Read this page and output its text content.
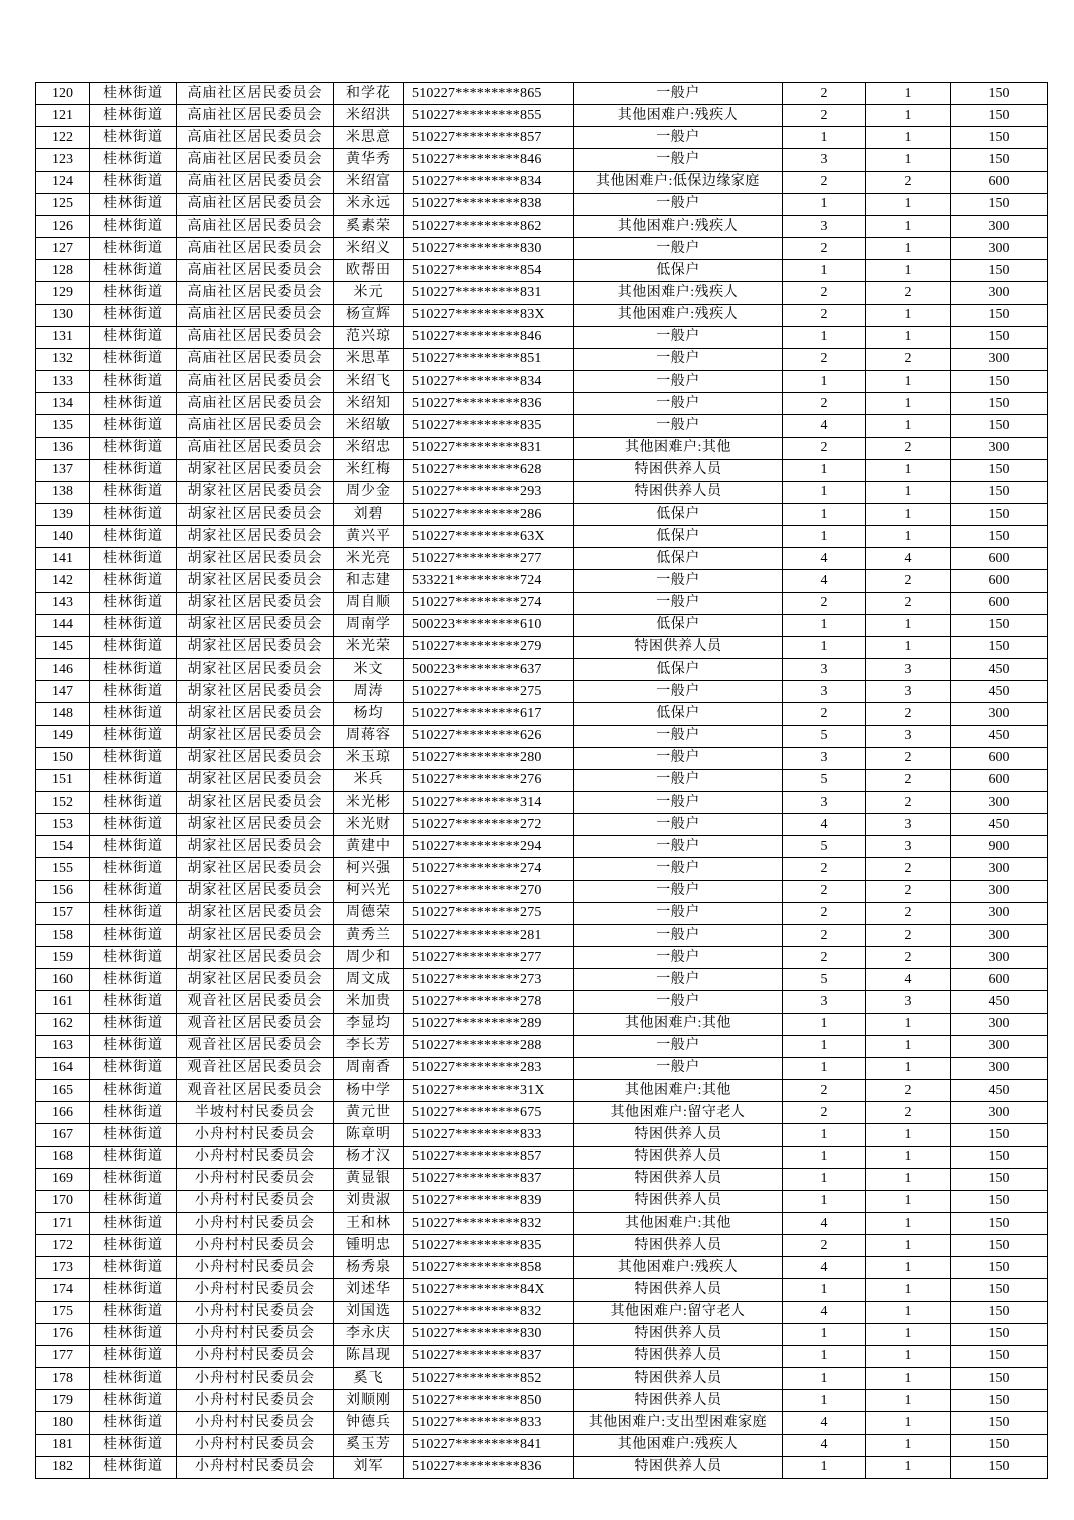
120	桂林街道	高庙社区居民委员会	和学花	510227*********865	一般户	2	1	150
121	桂林街道	高庙社区居民委员会	米绍洪	510227*********855	其他困难户:残疾人	2	1	150
122	桂林街道	高庙社区居民委员会	米思意	510227*********857	一般户	1	1	150
123	桂林街道	高庙社区居民委员会	黄华秀	510227*********846	一般户	3	1	150
124	桂林街道	高庙社区居民委员会	米绍富	510227*********834	其他困难户:低保边缘家庭	2	2	600
125	桂林街道	高庙社区居民委员会	米永远	510227*********838	一般户	1	1	150
126	桂林街道	高庙社区居民委员会	奚素荣	510227*********862	其他困难户:残疾人	3	1	300
127	桂林街道	高庙社区居民委员会	米绍义	510227*********830	一般户	2	1	300
128	桂林街道	高庙社区居民委员会	欧帮田	510227*********854	低保户	1	1	150
129	桂林街道	高庙社区居民委员会	米元	510227*********831	其他困难户:残疾人	2	2	300
130	桂林街道	高庙社区居民委员会	杨宣辉	510227*********83X	其他困难户:残疾人	2	1	150
131	桂林街道	高庙社区居民委员会	范兴琼	510227*********846	一般户	1	1	150
132	桂林街道	高庙社区居民委员会	米思革	510227*********851	一般户	2	2	300
133	桂林街道	高庙社区居民委员会	米绍飞	510227*********834	一般户	1	1	150
134	桂林街道	高庙社区居民委员会	米绍知	510227*********836	一般户	2	1	150
135	桂林街道	高庙社区居民委员会	米绍敏	510227*********835	一般户	4	1	150
136	桂林街道	高庙社区居民委员会	米绍忠	510227*********831	其他困难户:其他	2	2	300
137	桂林街道	胡家社区居民委员会	米红梅	510227*********628	特困供养人员	1	1	150
138	桂林街道	胡家社区居民委员会	周少金	510227*********293	特困供养人员	1	1	150
139	桂林街道	胡家社区居民委员会	刘碧	510227*********286	低保户	1	1	150
140	桂林街道	胡家社区居民委员会	黄兴平	510227*********63X	低保户	1	1	150
141	桂林街道	胡家社区居民委员会	米光亮	510227*********277	低保户	4	4	600
142	桂林街道	胡家社区居民委员会	和志建	533221*********724	一般户	4	2	600
143	桂林街道	胡家社区居民委员会	周自顺	510227*********274	一般户	2	2	600
144	桂林街道	胡家社区居民委员会	周南学	500223*********610	低保户	1	1	150
145	桂林街道	胡家社区居民委员会	米光荣	510227*********279	特困供养人员	1	1	150
146	桂林街道	胡家社区居民委员会	米文	500223*********637	低保户	3	3	450
147	桂林街道	胡家社区居民委员会	周涛	510227*********275	一般户	3	3	450
148	桂林街道	胡家社区居民委员会	杨均	510227*********617	低保户	2	2	300
149	桂林街道	胡家社区居民委员会	周蒋容	510227*********626	一般户	5	3	450
150	桂林街道	胡家社区居民委员会	米玉琼	510227*********280	一般户	3	2	600
151	桂林街道	胡家社区居民委员会	米兵	510227*********276	一般户	5	2	600
152	桂林街道	胡家社区居民委员会	米光彬	510227*********314	一般户	3	2	300
153	桂林街道	胡家社区居民委员会	米光财	510227*********272	一般户	4	3	450
154	桂林街道	胡家社区居民委员会	黄建中	510227*********294	一般户	5	3	900
155	桂林街道	胡家社区居民委员会	柯兴强	510227*********274	一般户	2	2	300
156	桂林街道	胡家社区居民委员会	柯兴光	510227*********270	一般户	2	2	300
157	桂林街道	胡家社区居民委员会	周德荣	510227*********275	一般户	2	2	300
158	桂林街道	胡家社区居民委员会	黄秀兰	510227*********281	一般户	2	2	300
159	桂林街道	胡家社区居民委员会	周少和	510227*********277	一般户	2	2	300
160	桂林街道	胡家社区居民委员会	周文成	510227*********273	一般户	5	4	600
161	桂林街道	观音社区居民委员会	米加贵	510227*********278	一般户	3	3	450
162	桂林街道	观音社区居民委员会	李显均	510227*********289	其他困难户:其他	1	1	300
163	桂林街道	观音社区居民委员会	李长芳	510227*********288	一般户	1	1	300
164	桂林街道	观音社区居民委员会	周南香	510227*********283	一般户	1	1	300
165	桂林街道	观音社区居民委员会	杨中学	510227*********31X	其他困难户:其他	2	2	450
166	桂林街道	半坡村村民委员会	黄元世	510227*********675	其他困难户:留守老人	2	2	300
167	桂林街道	小舟村村民委员会	陈章明	510227*********833	特困供养人员	1	1	150
168	桂林街道	小舟村村民委员会	杨才汉	510227*********857	特困供养人员	1	1	150
169	桂林街道	小舟村村民委员会	黄显银	510227*********837	特困供养人员	1	1	150
170	桂林街道	小舟村村民委员会	刘贵淑	510227*********839	特困供养人员	1	1	150
171	桂林街道	小舟村村民委员会	王和林	510227*********832	其他困难户:其他	4	1	150
172	桂林街道	小舟村村民委员会	锺明忠	510227*********835	特困供养人员	2	1	150
173	桂林街道	小舟村村民委员会	杨秀泉	510227*********858	其他困难户:残疾人	4	1	150
174	桂林街道	小舟村村民委员会	刘述华	510227*********84X	特困供养人员	1	1	150
175	桂林街道	小舟村村民委员会	刘国选	510227*********832	其他困难户:留守老人	4	1	150
176	桂林街道	小舟村村民委员会	李永庆	510227*********830	特困供养人员	1	1	150
177	桂林街道	小舟村村民委员会	陈昌现	510227*********837	特困供养人员	1	1	150
178	桂林街道	小舟村村民委员会	奚飞	510227*********852	特困供养人员	1	1	150
179	桂林街道	小舟村村民委员会	刘顺刚	510227*********850	特困供养人员	1	1	150
180	桂林街道	小舟村村民委员会	钟德兵	510227*********833	其他困难户:支出型困难家庭	4	1	150
181	桂林街道	小舟村村民委员会	奚玉芳	510227*********841	其他困难户:残疾人	4	1	150
182	桂林街道	小舟村村民委员会	刘军	510227*********836	特困供养人员	1	1	150
